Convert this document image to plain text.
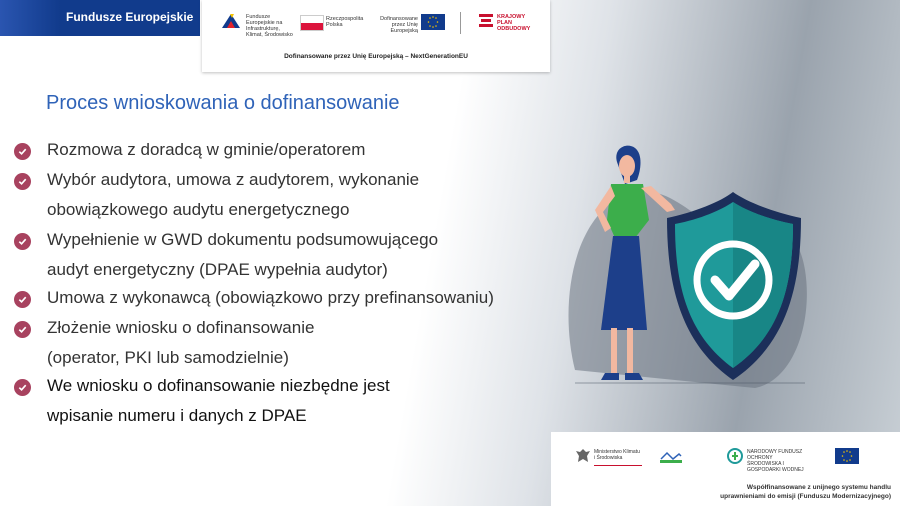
Fundusze Europejskie	Fundusze Europejskie na Infrastrukturę, Klimat, Środowisko
Rzeczpospolita Polska
Dofinansowane przez Unię Europejską
KRAJOWY PLAN ODBUDOWY
Dofinansowane przez Unię Europejską – NextGenerationEU
Proces wnioskowania o dofinansowanie
Rozmowa z doradcą w gminie/operatorem
Wybór audytora, umowa z audytorem, wykonanie
obowiązkowego audytu energetycznego
Wypełnienie w GWD dokumentu podsumowującego
audyt energetyczny (DPAE wypełnia audytor)
Umowa z wykonawcą (obowiązkowo przy prefinansowaniu)
Złożenie wniosku o dofinansowanie
(operator, PKI lub samodzielnie)
We wniosku o dofinansowanie niezbędne jest
wpisanie numeru i danych z DPAE
Ministerstwo Klimatu i Środowiska
NARODOWY FUNDUSZ OCHRONY ŚRODOWISKA I GOSPODARKI WODNEJ
Współfinansowane z unijnego systemu handlu uprawnieniami do emisji (Funduszu Modernizacyjnego)
